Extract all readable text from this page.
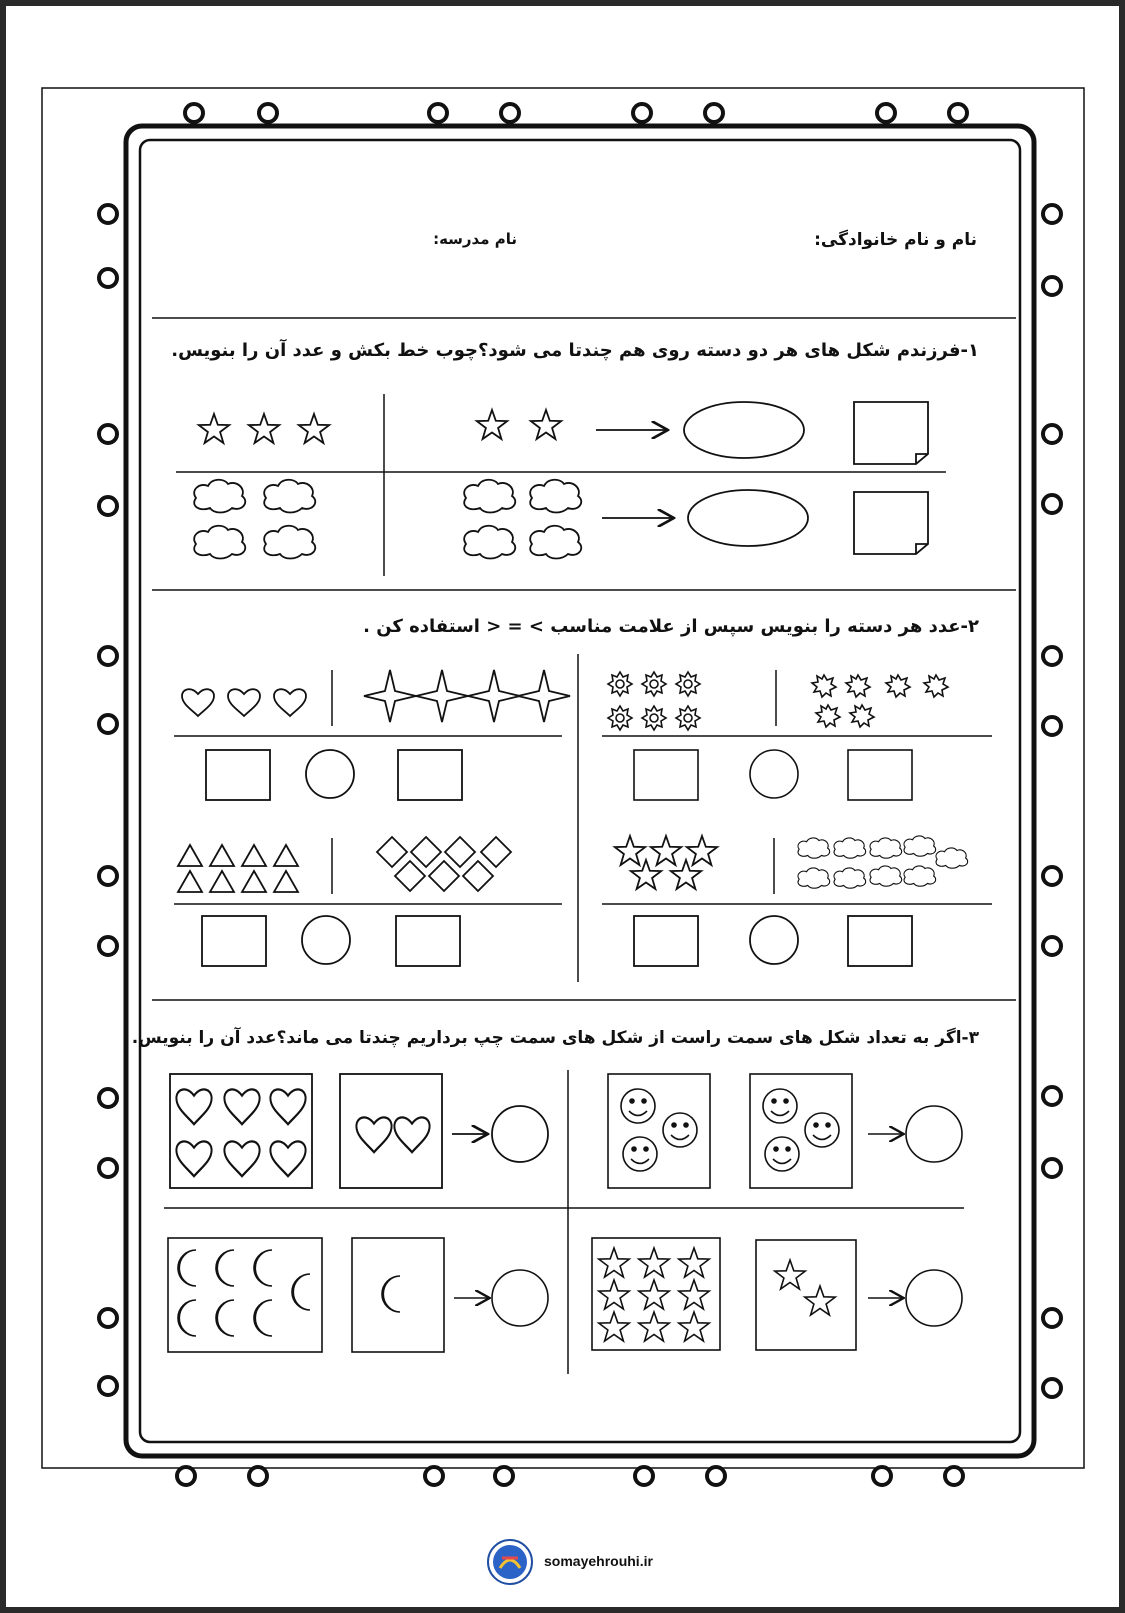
نام و نام خانوادگی:
نام مدرسه:
۱-فرزندم شکل های هر دو دسته روی هم چندتا می شود؟چوب خط بکش و عدد آن را بنویس.
۲-عدد هر دسته را بنویس سپس از علامت مناسب > = < استفاده کن .
۳-اگر به تعداد شکل های سمت راست از شکل های سمت چپ برداریم چندتا می ماند؟عدد آن را بنویس.
somayehrouhi.ir
